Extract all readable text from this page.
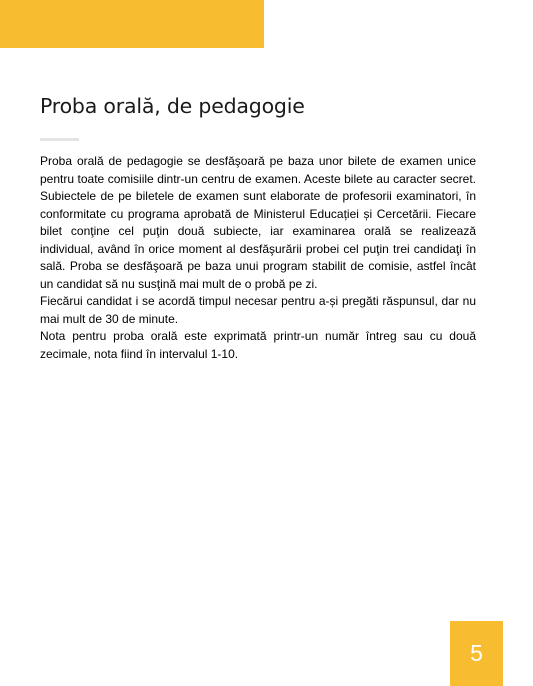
Proba orală, de pedagogie

Proba orală de pedagogie se desfăşoară pe baza unor bilete de examen unice pentru toate comisiile dintr-un centru de examen. Aceste bilete au caracter secret. Subiectele de pe biletele de examen sunt elaborate de profesorii examinatori, în conformitate cu programa aprobată de Ministerul Educației și Cercetării. Fiecare bilet conţine cel puţin două subiecte, iar examinarea orală se realizează individual, având în orice moment al desfăşurării probei cel puţin trei candidaţi în sală. Proba se desfăşoară pe baza unui program stabilit de comisie, astfel încât un candidat să nu susţină mai mult de o probă pe zi.

Fiecărui candidat i se acordă timpul necesar pentru a-și pregăti răspunsul, dar nu mai mult de 30 de minute.

Nota pentru proba orală este exprimată printr-un număr întreg sau cu două zecimale, nota fiind în intervalul 1-10.

5
